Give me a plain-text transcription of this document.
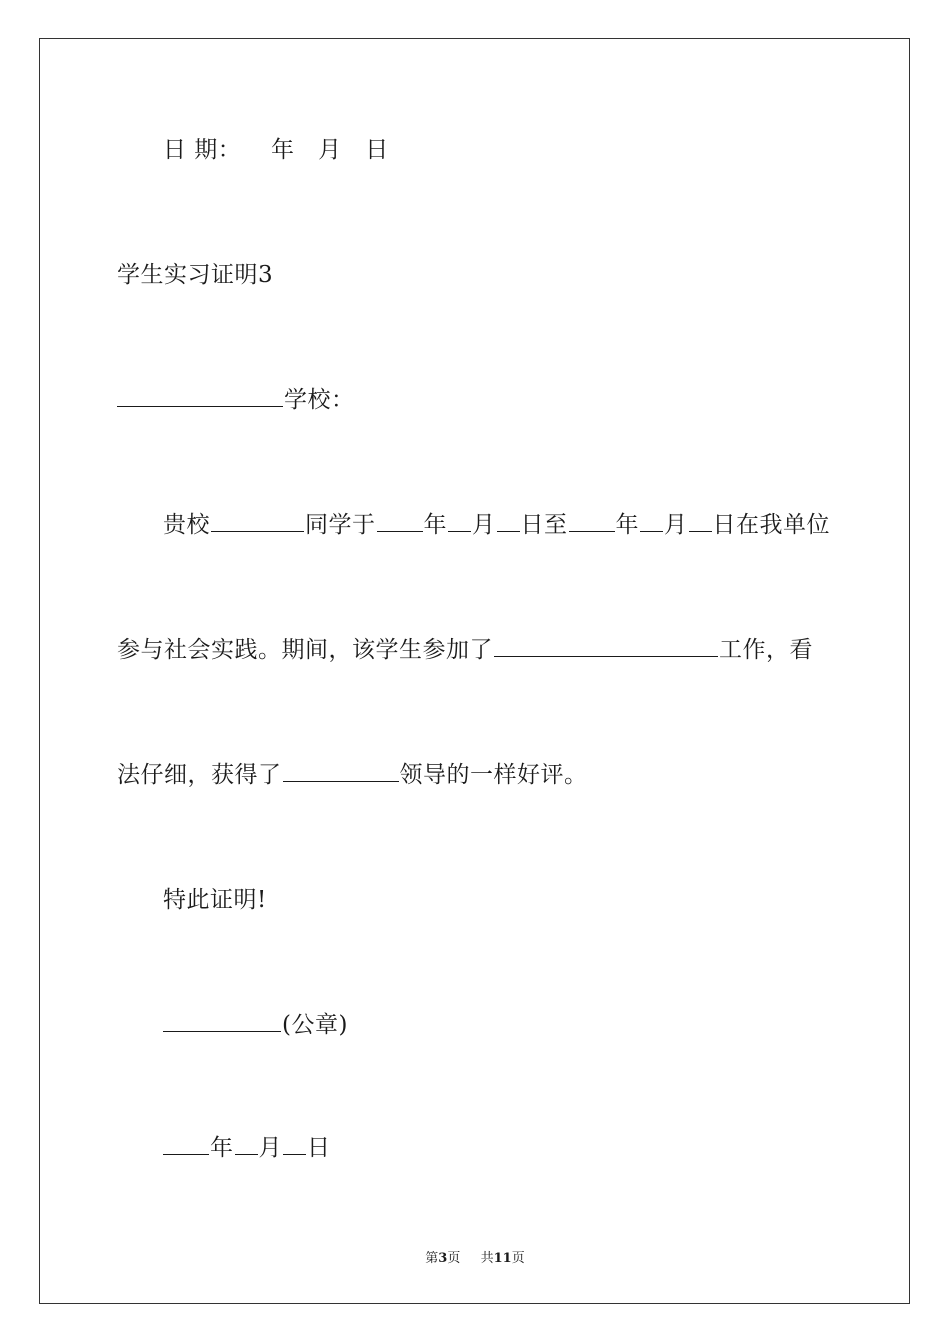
日 期： 年 月 日
学生实习证明3
学校：
贵校	同学于 年 月 日至 年 月 日在我单位
参与社会实践。期间，该学生参加了	工作，看
法仔细，获得了	领导的一样好评。
特此证明!
(公章)
年 月 日
第3页 共11页
